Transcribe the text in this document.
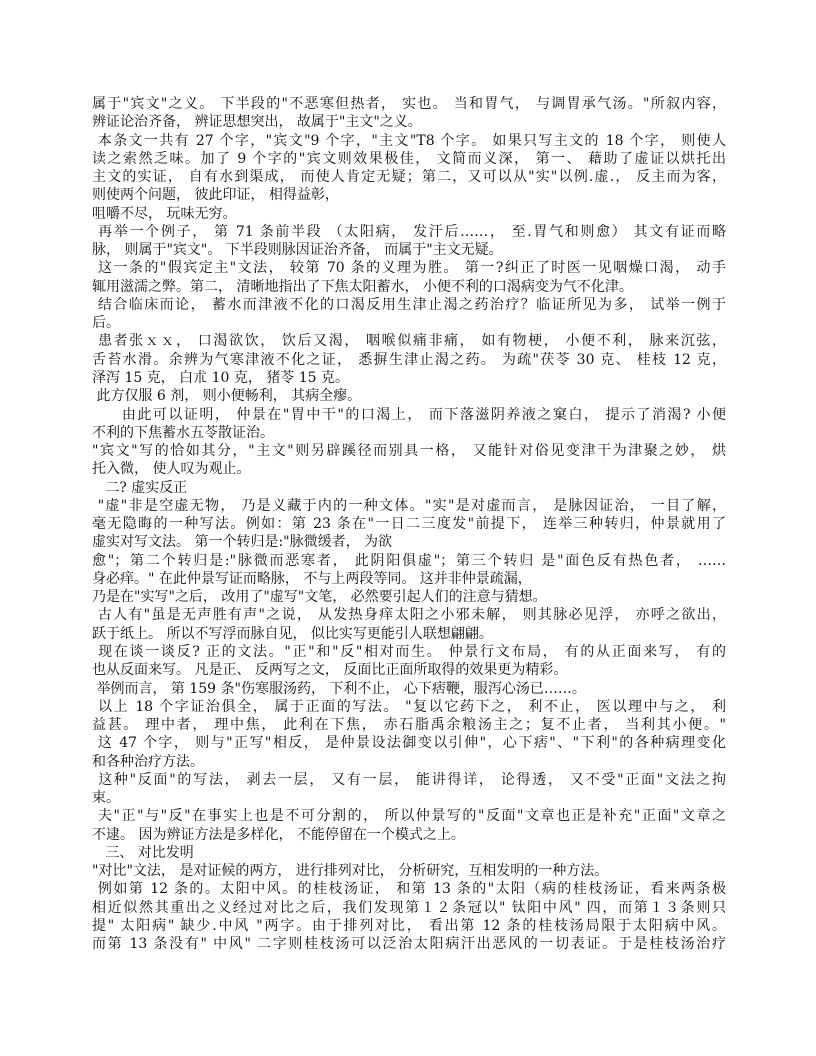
属于"宾文"之义。 下半段的"不恶寒但热者， 实也。 当和胃气， 与调胃承气汤。"所叙内容，
辨证论治齐备， 辨证思想突出， 故属于"主文"之义。
本条文一共有 27 个字，"宾文"9 个字，"主文"T8 个字。 如果只写主文的 18 个字， 则使人
读之索然乏味。加了 9 个字的"宾文则效果极佳， 文简而义深， 第一、 藉助了虚证以烘托出
主文的实证， 自有水到渠成， 而使人肯定无疑；第二，又可以从"实"以例.虚.， 反主而为客，
则使两个问题， 彼此印证， 相得益彰，
咀嚼不尽， 玩味无穷。
再举一个例子， 第 71 条前半段 （太阳病， 发汗后……， 至.胃气和则愈） 其文有证而略
脉， 则属于"宾文"。 下半段则脉因证治齐备， 而属于"主文无疑。
这一条的"假宾定主"文法， 较第 70 条的义理为胜。 第一?纠正了时医一见咽燥口渴， 动手
辄用滋濡之弊。第二， 清晰地指出了下焦太阳蓄水， 小便不利的口渴病变为气不化津。
结合临床而论， 蓄水而津液不化的口渴反用生津止渴之药治疗？临证所见为多， 试举一例于
后。
患者张ｘｘ， 口渴欲饮， 饮后又渴， 咽喉似痛非痛， 如有物梗， 小便不利， 脉来沉弦，
舌苔水滑。余辨为气寒津液不化之证， 悉摒生津止渴之药。 为疏"茯苓 30 克、 桂枝 12 克，
泽泻 15 克， 白朮 10 克， 猪苓 15 克。
此方仅服 6 剂， 则小便畅利， 其病全瘳。
由此可以证明， 仲景在"胃中干"的口渴上， 而下落滋阴养液之窠白， 提示了消渴? 小便
不利的下焦蓄水五苓散证治。
"宾文"写的恰如其分，"主文"则另辟蹊径而别具一格， 又能针对俗见变津干为津聚之妙， 烘
托入微， 使人叹为观止。
二? 虚实反正
"虚"非是空虚无物， 乃是义藏于内的一种文体。"实"是对虚而言， 是脉因证治， 一目了解，
毫无隐晦的一种写法。例如：第 23 条在"一日二三度发"前提下， 连举三种转归，仲景就用了
虚实对写文法。 第一个转归是:"脉微缓者， 为欲
愈"；第二个转归是:"脉微而恶寒者， 此阴阳俱虚"；第三个转归 是"面色反有热色者， ……
身必痒。" 在此仲景写证而略脉， 不与上两段等同。 这并非仲景疏漏，
乃是在"实写"之后， 改用了"虚写"文笔， 必然要引起人们的注意与猜想。
古人有"虽是无声胜有声"之说， 从发热身痒太阳之小邪未解， 则其脉必见浮， 亦呼之欲出，
跃于纸上。 所以不写浮而脉自见， 似比实写更能引人联想翩翩。
现在谈一谈反? 正的文法。"正"和"反"相对而生。 仲景行文布局， 有的从正面来写， 有的
也从反面来写。 凡是正、 反两写之文， 反面比正面所取得的效果更为精彩。
举例而言， 第 159 条"伤寒服汤药， 下利不止， 心下痞鞭，服泻心汤已……。
以上 18 个字证治俱全， 属于正面的写法。 "复以它药下之， 利不止， 医以理中与之， 利
益甚。 理中者， 理中焦， 此利在下焦， 赤石脂禹余粮汤主之；复不止者， 当利其小便。"
这 47 个字， 则与"正写"相反， 是仲景设法御变以引伸"，心下痞"、"下利"的各种病理变化
和各种治疗方法。
这种"反面"的写法， 剥去一层， 又有一层， 能讲得详， 论得透， 又不受"正面"文法之拘
束。
夫"正"与"反"在事实上也是不可分割的， 所以仲景写的"反面"文章也正是补充"正面"文章之
不逮。 因为辨证方法是多样化， 不能停留在一个模式之上。
三、 对比发明
"对比"文法， 是对证候的两方， 进行排列对比， 分析研究，互相发明的一种方法。
例如第 12 条的。太阳中风。的桂枝汤证， 和第 13 条的"太阳（病的桂枝汤证，看来两条极
相近似然其重出之义经过对比之后，我们发现第１２条冠以" 钛阳中风" 四，而第１３条则只
提" 太阳病" 缺少.中风 "两字。由于排列对比， 看出第 12 条的桂枝汤局限于太阳病中风。
而第 13 条没有" 中风" 二字则桂枝汤可以泛治太阳病汗出恶风的一切表证。于是桂枝汤治疗
